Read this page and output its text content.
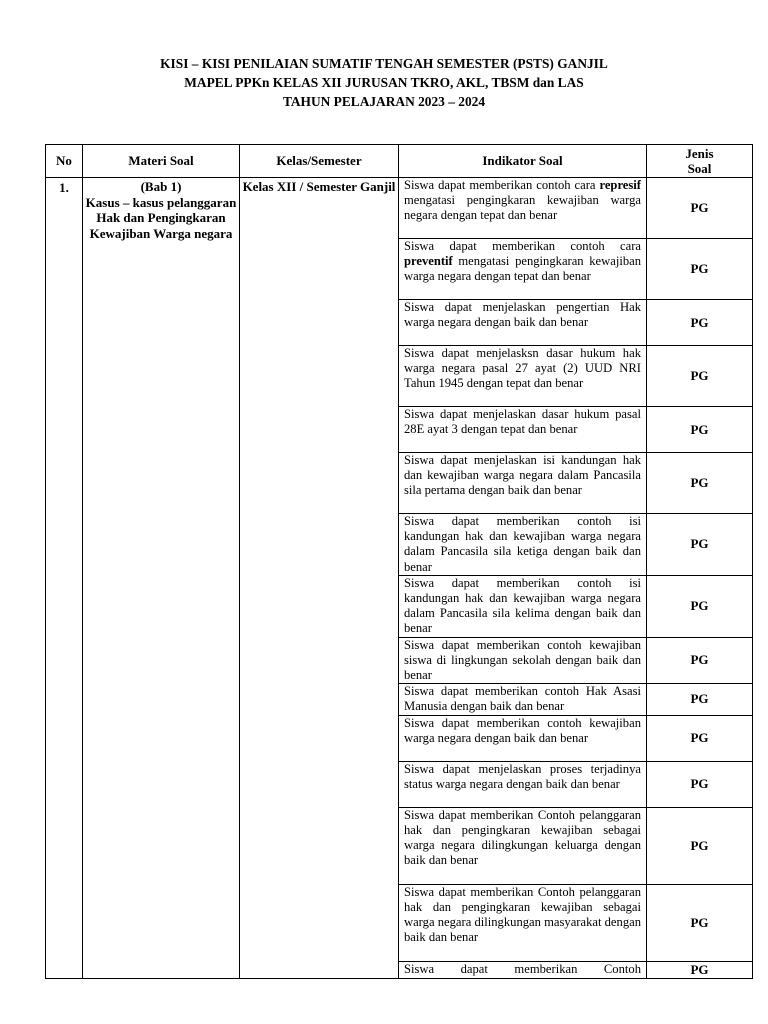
KISI – KISI PENILAIAN SUMATIF TENGAH SEMESTER (PSTS) GANJIL
MAPEL PPKn KELAS XII JURUSAN TKRO, AKL, TBSM dan LAS
TAHUN PELAJARAN 2023 – 2024
No	Materi Soal	Kelas/Semester	Indikator Soal	Jenis
Soal

1.	(Bab 1)
Kasus – kasus pelanggaran Hak dan Pengingkaran Kewajiban Warga negara	Kelas XII / Semester Ganjil	Siswa dapat memberikan contoh cara represif mengatasi pengingkaran kewajiban warga negara dengan tepat dan benar	PG
			Siswa dapat memberikan contoh cara preventif mengatasi pengingkaran kewajiban warga negara dengan tepat dan benar	PG
			Siswa dapat menjelaskan pengertian Hak warga negara dengan baik dan benar	PG
			Siswa dapat menjelasksn dasar hukum hak warga negara pasal 27 ayat (2) UUD NRI Tahun 1945 dengan tepat dan benar	PG
			Siswa dapat menjelaskan dasar hukum pasal 28E ayat 3 dengan tepat dan benar	PG
			Siswa dapat menjelaskan isi kandungan hak dan kewajiban warga negara dalam Pancasila sila pertama dengan baik dan benar	PG
			Siswa dapat memberikan contoh isi kandungan hak dan kewajiban warga negara dalam Pancasila sila ketiga dengan baik dan benar	PG
			Siswa dapat memberikan contoh isi kandungan hak dan kewajiban warga negara dalam Pancasila sila kelima dengan baik dan benar	PG
			Siswa dapat memberikan contoh kewajiban siswa di lingkungan sekolah dengan baik dan benar	PG
			Siswa dapat memberikan contoh Hak Asasi Manusia dengan baik dan benar	PG
			Siswa dapat memberikan contoh kewajiban warga negara dengan baik dan benar	PG
			Siswa dapat menjelaskan proses terjadinya status warga negara dengan baik dan benar	PG
			Siswa dapat memberikan Contoh pelanggaran hak dan pengingkaran kewajiban sebagai warga negara dilingkungan keluarga dengan baik dan benar	PG
			Siswa dapat memberikan Contoh pelanggaran hak dan pengingkaran kewajiban sebagai warga negara dilingkungan masyarakat dengan baik dan benar	PG
			Siswa dapat memberikan Contoh	PG
